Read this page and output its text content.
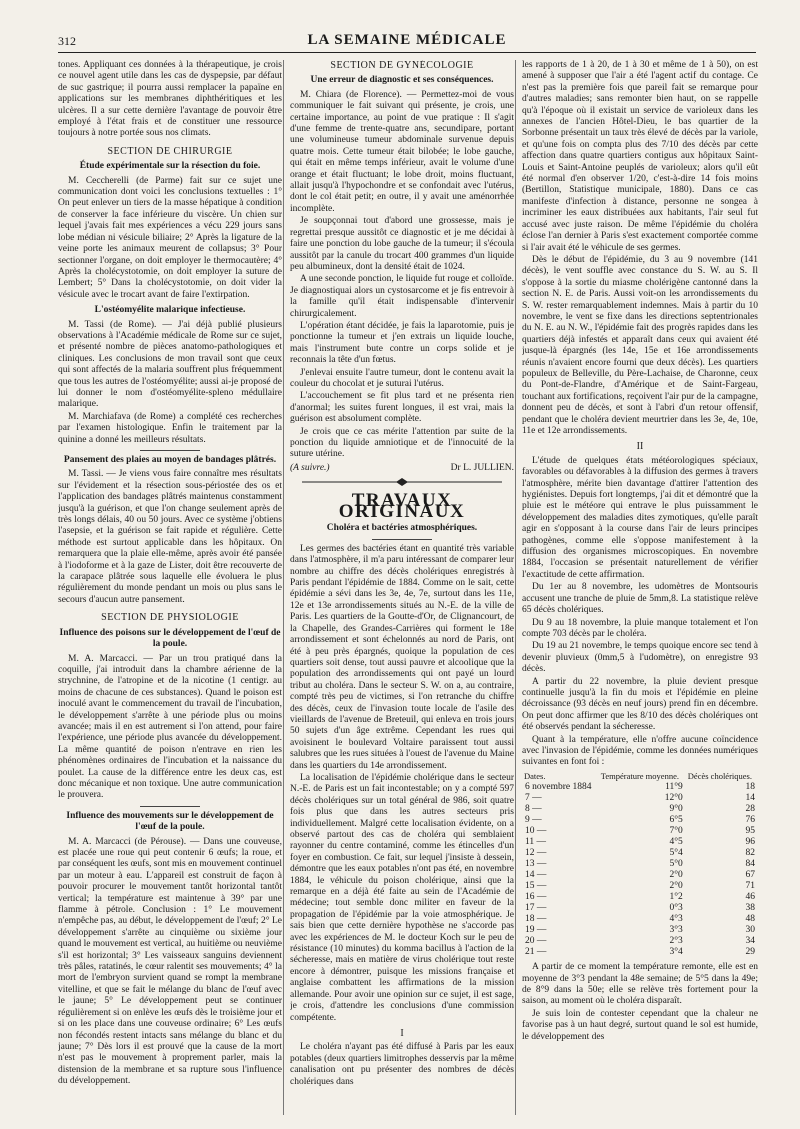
312	LA SEMAINE MÉDICALE

tones. Appliquant ces données à la thérapeutique, je crois ce nouvel agent utile dans les cas de dyspepsie, par défaut de suc gastrique; il pourra aussi remplacer la papaïne en applications sur les membranes diphthéritiques et les ulcères. Il a sur cette dernière l'avantage de pouvoir être employé à l'état frais et de constituer une ressource toujours à notre portée sous nos climats.

SECTION DE CHIRURGIE
Étude expérimentale sur la résection du foie.

M. Ceccherelli (de Parme) fait sur ce sujet une communication dont voici les conclusions textuelles : 1° On peut enlever un tiers de la masse hépatique à condition de conserver la face inférieure du viscère. Un chien sur lequel j'avais fait mes expériences a vécu 229 jours sans lobe médian ni vésicule biliaire; 2° Après la ligature de la veine porte les animaux meurent de collapsus; 3° Pour sectionner l'organe, on doit employer le thermocautère; 4° Après la cholécystotomie, on doit employer la suture de Lembert; 5° Dans la cholécystotomie, on doit vider la vésicule avec le trocart avant de faire l'extirpation.

L'ostéomyélite malarique infectieuse.

M. Tassi (de Rome). — J'ai déjà publié plusieurs observations à l'Académie médicale de Rome sur ce sujet, et présenté nombre de pièces anatomo-pathologiques et cliniques. Les conclusions de mon travail sont que ceux qui sont affectés de la malaria souffrent plus fréquemment que tous les autres de l'ostéomyélite; aussi ai-je proposé de lui donner le nom d'ostéomyélite-spleno médullaire malarique.

M. Marchiafava (de Rome) a complété ces recherches par l'examen histologique. Enfin le traitement par la quinine a donné les meilleurs résultats.

Pansement des plaies au moyen de bandages plâtrés.

M. Tassi. — Je viens vous faire connaître mes résultats sur l'évidement et la résection sous-périostée des os et l'application des bandages plâtrés maintenus constamment jusqu'à la guérison, et que l'on change seulement après de très longs délais, 40 ou 50 jours. Avec ce système j'obtiens l'asepsie, et la guérison se fait rapide et régulière. Cette méthode est surtout applicable dans les hôpitaux. On remarquera que la plaie elle-même, après avoir été pansée à l'iodoforme et à la gaze de Lister, doit être recouverte de la carapace plâtrée sous laquelle elle évoluera le plus régulièrement du monde pendant un mois ou plus sans le secours d'aucun autre pansement.

SECTION DE PHYSIOLOGIE
Influence des poisons sur le développement de l'œuf de la poule.

M. A. Marcacci. — Par un trou pratiqué dans la coquille, j'ai introduit dans la chambre aérienne de la strychnine, de l'atropine et de la nicotine (1 centigr. au moins de chacune de ces substances). Quand le poison est inoculé avant le commencement du travail de l'incubation, le développement s'arrête à une période plus ou moins avancée; mais il en est autrement si l'on attend, pour faire l'expérience, une période plus avancée du développement. La même quantité de poison n'entrave en rien les phénomènes ordinaires de l'incubation et la naissance du poulet. La cause de la différence entre les deux cas, est donc mécanique et non toxique. Une autre communication le prouvera.

Influence des mouvements sur le développement de l'œuf de la poule.

M. A. Marcacci (de Pérouse). — Dans une couveuse, est placée une roue qui peut contenir 6 œufs; la roue, et par conséquent les œufs, sont mis en mouvement continuel par un moteur à eau. L'appareil est construit de façon à pouvoir procurer le mouvement tantôt horizontal tantôt vertical; la température est maintenue à 39° par une flamme à pétrole. Conclusion : 1° Le mouvement n'empêche pas, au début, le développement de l'œuf; 2° Le développement s'arrête au cinquième ou sixième jour quand le mouvement est vertical, au huitième ou neuvième s'il est horizontal; 3° Les vaisseaux sanguins deviennent très pâles, ratatinés, le cœur ralentit ses mouvements; 4° la mort de l'embryon survient quand se rompt la membrane vitelline, et que se fait le mélange du blanc de l'œuf avec le jaune; 5° Le développement peut se continuer régulièrement si on enlève les œufs dès le troisième jour et si on les place dans une couveuse ordinaire; 6° Les œufs non fécondés restent intacts sans mélange du blanc et du jaune; 7° Dès lors il est prouvé que la cause de la mort n'est pas le mouvement à proprement parler, mais la distension de la membrane et sa rupture sous l'influence du développement.

SECTION DE GYNÉCOLOGIE
Une erreur de diagnostic et ses conséquences.

M. Chiara (de Florence). — Permettez-moi de vous communiquer le fait suivant qui présente, je crois, une certaine importance, au point de vue pratique : Il s'agit d'une femme de trente-quatre ans, secundipare, portant une volumineuse tumeur abdominale survenue depuis quatre mois. Cette tumeur était bilobée; le lobe gauche, qui était en même temps inférieur, avait le volume d'une orange et était fluctuant; le lobe droit, moins fluctuant, allait jusqu'à l'hypochondre et se confondait avec l'utérus, dont le col était petit; en outre, il y avait une aménorrhée incomplète.

Je soupçonnai tout d'abord une grossesse, mais je regrettai presque aussitôt ce diagnostic et je me décidai à faire une ponction du lobe gauche de la tumeur; il s'écoula aussitôt par la canule du trocart 400 grammes d'un liquide peu albumineux, dont la densité était de 1024.

A une seconde ponction, le liquide fut rouge et colloïde. Je diagnostiquai alors un cystosarcome et je fis entrevoir à la famille qu'il était indispensable d'intervenir chirurgicalement.

L'opération étant décidée, je fais la laparotomie, puis je ponctionne la tumeur et j'en extrais un liquide louche, mais l'instrument bute contre un corps solide et je reconnais la tête d'un fœtus.

J'enlevai ensuite l'autre tumeur, dont le contenu avait la couleur du chocolat et je suturai l'utérus.

L'accouchement se fit plus tard et ne présenta rien d'anormal; les suites furent longues, il est vrai, mais la guérison est absolument complète.

Je crois que ce cas mérite l'attention par suite de la ponction du liquide amniotique et de l'innocuité de la suture utérine.

(A suivre.)	Dr L. JULLIEN.
TRAVAUX ORIGINAUX
Choléra et bactéries atmosphériques.

Les germes des bactéries étant en quantité très variable dans l'atmosphère, il m'a paru intéressant de comparer leur nombre au chiffre des décès cholériques enregistrés à Paris pendant l'épidémie de 1884. Comme on le sait, cette épidémie a sévi dans les 3e, 4e, 7e, surtout dans les 11e, 12e et 13e arrondissements situés au N.-E. de la ville de Paris. Les quartiers de la Goutte-d'Or, de Clignancourt, de la Chapelle, des Grandes-Carrières qui forment le 18e arrondissement et sont échelonnés au nord de Paris, ont été à peu près épargnés, quoique la population de ces quartiers soit dense, tout aussi pauvre et alcoolique que la population des arrondissements qui ont payé un lourd tribut au choléra. Dans le secteur S. W. on a, au contraire, compté très peu de victimes, si l'on retranche du chiffre des décès, ceux de l'invasion toute locale de l'asile des vieillards de l'avenue de Breteuil, qui enleva en trois jours 50 sujets d'un âge extrême. Cependant les rues qui avoisinent le boulevard Voltaire paraissent tout aussi salubres que les rues situées à l'ouest de l'avenue du Maine dans les quartiers du 14e arrondissement.

La localisation de l'épidémie cholérique dans le secteur N.-E. de Paris est un fait incontestable; on y a compté 597 décès cholériques sur un total général de 986, soit quatre fois plus que dans les autres secteurs pris individuellement. Malgré cette localisation évidente, on a observé partout des cas de choléra qui semblaient rayonner du centre contaminé, comme les étincelles d'un foyer en combustion. Ce fait, sur lequel j'insiste à dessein, démontre que les eaux potables n'ont pas été, en novembre 1884, le véhicule du poison cholérique, ainsi que la remarque en a déjà été faite au sein de l'Académie de médecine; tout semble donc militer en faveur de la propagation de l'épidémie par la voie atmosphérique. Je sais bien que cette dernière hypothèse ne s'accorde pas avec les expériences de M. le docteur Koch sur le peu de résistance (10 minutes) du komma bacillus à l'action de la sécheresse, mais en matière de virus cholérique tout reste encore à démontrer, puisque les missions française et anglaise combattent les affirmations de la mission allemande. Pour avoir une opinion sur ce sujet, il est sage, je crois, d'attendre les conclusions d'une commission compétente.

I

Le choléra n'ayant pas été diffusé à Paris par les eaux potables (deux quartiers limitrophes desservis par la même canalisation ont pu présenter des nombres de décès cholériques dans

les rapports de 1 à 20, de 1 à 30 et même de 1 à 50), on est amené à supposer que l'air a été l'agent actif du contage. Ce n'est pas la première fois que pareil fait se remarque pour d'autres maladies; sans remonter bien haut, on se rappelle qu'à l'époque où il existait un service de varioleux dans les annexes de l'ancien Hôtel-Dieu, le bas quartier de la Sorbonne présentait un taux très élevé de décès par la variole, et qu'une fois on compta plus des 7/10 des décès par cette affection dans quatre quartiers contigus aux hôpitaux Saint-Louis et Saint-Antoine peuplés de varioleux; alors qu'il eût été normal d'en observer 1/20, c'est-à-dire 14 fois moins (Bertillon, Statistique municipale, 1880). Dans ce cas manifeste d'infection à distance, personne ne songea à incriminer les eaux distribuées aux habitants, l'air seul fut accusé avec juste raison. De même l'épidémie du choléra éclose l'an dernier à Paris s'est exactement comportée comme si l'air avait été le véhicule de ses germes.

Dès le début de l'épidémie, du 3 au 9 novembre (141 décès), le vent souffle avec constance du S. W. au S. Il s'oppose à la sortie du miasme cholérigène cantonné dans la section N. E. de Paris. Aussi voit-on les arrondissements du S. W. rester remarquablement indemnes. Mais à partir du 10 novembre, le vent se fixe dans les directions septentrionales du N. E. au N. W., l'épidémie fait des progrès rapides dans les quartiers déjà infestés et apparaît dans ceux qui avaient été jusque-là épargnés (les 14e, 15e et 16e arrondissements réunis n'avaient encore fourni que deux décès). Les quartiers populeux de Belleville, du Père-Lachaise, de Charonne, ceux du Pont-de-Flandre, d'Amérique et de Saint-Fargeau, touchant aux fortifications, reçoivent l'air pur de la campagne, donnent peu de décès, et sont à l'abri d'un retour offensif, pendant que le choléra devient meurtrier dans les 3e, 4e, 10e, 11e et 12e arrondissements.

II

L'étude de quelques états météorologiques spéciaux, favorables ou défavorables à la diffusion des germes à travers l'atmosphère, mérite bien davantage d'attirer l'attention des hygiénistes. Depuis fort longtemps, j'ai dit et démontré que la pluie est le météore qui entrave le plus puissamment le développement des maladies dites zymotiques, qu'elle paraît agir en s'opposant à la course dans l'air de leurs principes pathogènes, comme elle s'oppose manifestement à la diffusion des organismes microscopiques. En novembre 1884, l'occasion se présentait naturellement de vérifier l'exactitude de cette affirmation.

Du 1er au 8 novembre, les udomètres de Montsouris accusent une tranche de pluie de 5mm,8. La statistique relève 65 décès cholériques.

Du 9 au 18 novembre, la pluie manque totalement et l'on compte 703 décès par le choléra.

Du 19 au 21 novembre, le temps quoique encore sec tend à devenir pluvieux (0mm,5 à l'udomètre), on enregistre 93 décès.

A partir du 22 novembre, la pluie devient presque continuelle jusqu'à la fin du mois et l'épidémie en pleine décroissance (93 décès en neuf jours) prend fin en décembre. On peut donc affirmer que les 8/10 des décès cholériques ont été observés pendant la sécheresse.

Quant à la température, elle n'offre aucune coïncidence avec l'invasion de l'épidémie, comme les données numériques suivantes en font foi :

Dates.	Température moyenne.	Décès cholériques.
6 novembre 1884	11°9	18
7 —	12°0	14
8 —	9°0	28
9 —	6°5	76
10 —	7°0	95
11 —	4°5	96
12 —	5°4	82
13 —	5°0	84
14 —	2°0	67
15 —	2°0	71
16 —	1°2	46
17 —	0°3	38
18 —	4°3	48
19 —	3°3	30
20 —	2°3	34
21 —	3°4	29

A partir de ce moment la température remonte, elle est en moyenne de 3°3 pendant la 48e semaine; de 5°5 dans la 49e; de 8°9 dans la 50e; elle se relève très fortement pour la saison, au moment où le choléra disparaît.

Je suis loin de contester cependant que la chaleur ne favorise pas à un haut degré, surtout quand le sol est humide, le développement des
